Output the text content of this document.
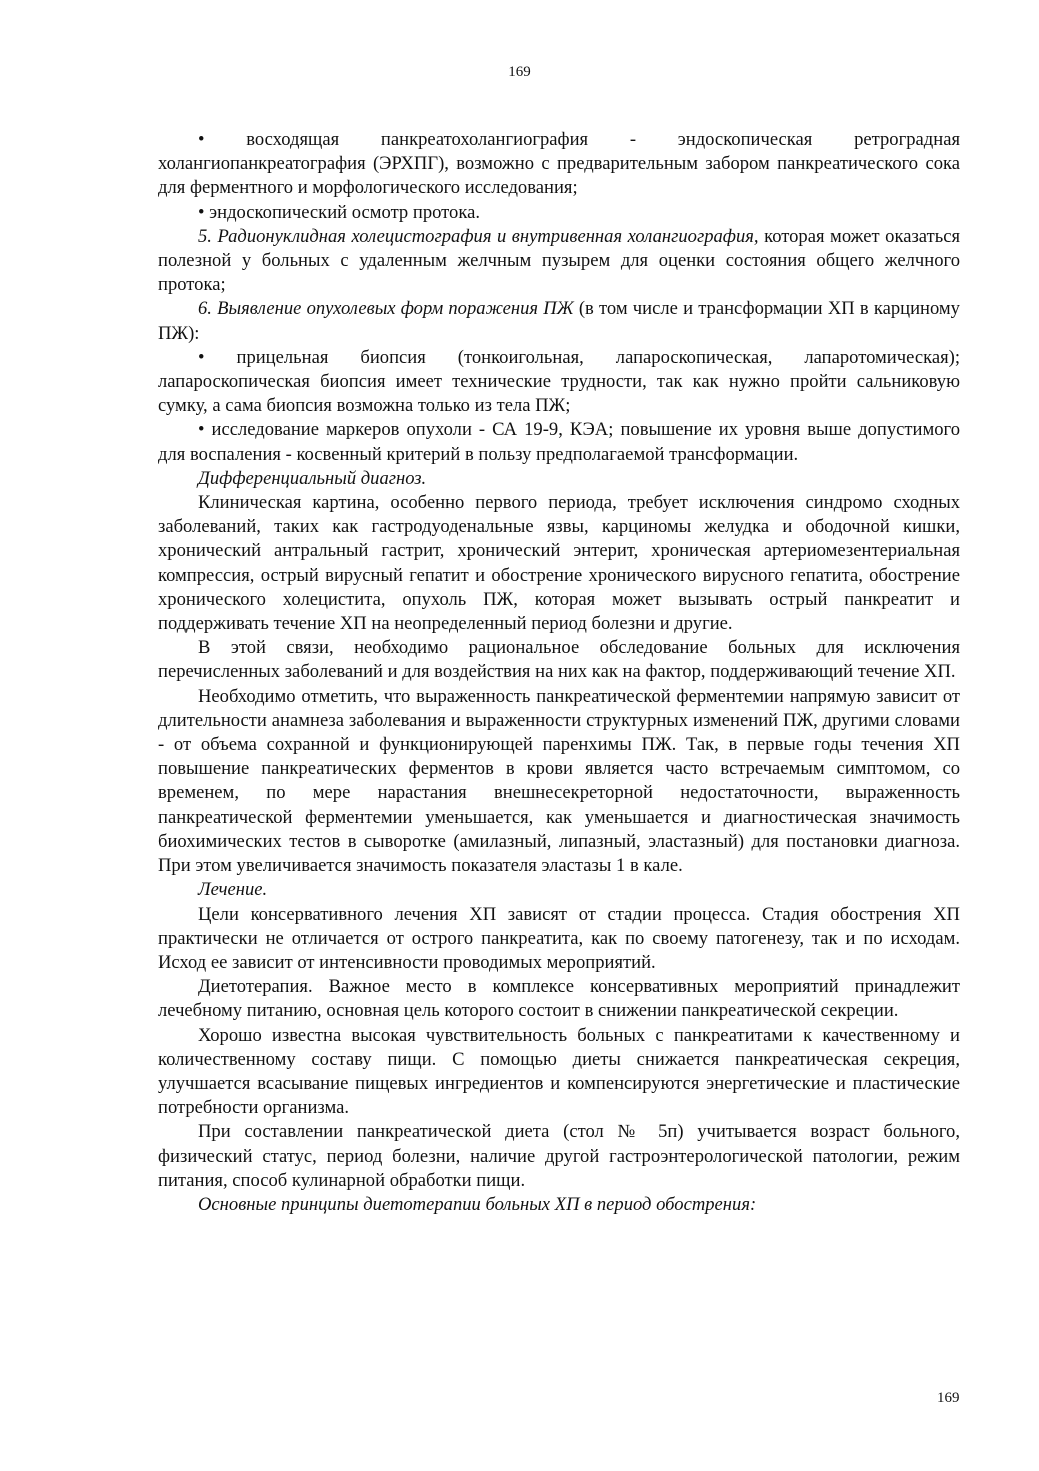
169

• восходящая панкреатохолангиография - эндоскопическая ретроградная холангиопанкреатография (ЭРХПГ), возможно с предварительным забором панкреатического сока для ферментного и морфологического исследования;

• эндоскопический осмотр протока.

5. Радионуклидная холецистография и внутривенная холангиография, которая может оказаться полезной у больных с удаленным желчным пузырем для оценки состояния общего желчного протока;

6. Выявление опухолевых форм поражения ПЖ (в том числе и трансформации ХП в карциному ПЖ):

• прицельная биопсия (тонкоигольная, лапароскопическая, лапаротомическая); лапароскопическая биопсия имеет технические трудности, так как нужно пройти сальниковую сумку, а сама биопсия возможна только из тела ПЖ;

• исследование маркеров опухоли - СА 19-9, КЭА; повышение их уровня выше допустимого для воспаления - косвенный критерий в пользу предполагаемой трансформации.

Дифференциальный диагноз.

Клиническая картина, особенно первого периода, требует исключения синдромо сходных заболеваний, таких как гастродуоденальные язвы, карциномы желудка и ободочной кишки, хронический антральный гастрит, хронический энтерит, хроническая артериомезентериальная компрессия, острый вирусный гепатит и обострение хронического вирусного гепатита, обострение хронического холецистита, опухоль ПЖ, которая может вызывать острый панкреатит и поддерживать течение ХП на неопределенный период болезни и другие.

В этой связи, необходимо рациональное обследование больных для исключения перечисленных заболеваний и для воздействия на них как на фактор, поддерживающий течение ХП.

Необходимо отметить, что выраженность панкреатической ферментемии напрямую зависит от длительности анамнеза заболевания и выраженности структурных изменений ПЖ, другими словами - от объема сохранной и функционирующей паренхимы ПЖ. Так, в первые годы течения ХП повышение панкреатических ферментов в крови является часто встречаемым симптомом, со временем, по мере нарастания внешнесекреторной недостаточности, выраженность панкреатической ферментемии уменьшается, как уменьшается и диагностическая значимость биохимических тестов в сыворотке (амилазный, липазный, эластазный) для постановки диагноза. При этом увеличивается значимость показателя эластазы 1 в кале.

Лечение.

Цели консервативного лечения ХП зависят от стадии процесса. Стадия обострения ХП практически не отличается от острого панкреатита, как по своему патогенезу, так и по исходам. Исход ее зависит от интенсивности проводимых мероприятий.

Диетотерапия. Важное место в комплексе консервативных мероприятий принадлежит лечебному питанию, основная цель которого состоит в снижении панкреатической секреции.

Хорошо известна высокая чувствительность больных с панкреатитами к качественному и количественному составу пищи. С помощью диеты снижается панкреатическая секреция, улучшается всасывание пищевых ингредиентов и компенсируются энергетические и пластические потребности организма.

При составлении панкреатической диета (стол № 5п) учитывается возраст больного, физический статус, период болезни, наличие другой гастроэнтерологической патологии, режим питания, способ кулинарной обработки пищи.

Основные принципы диетотерапии больных ХП в период обострения:

169
